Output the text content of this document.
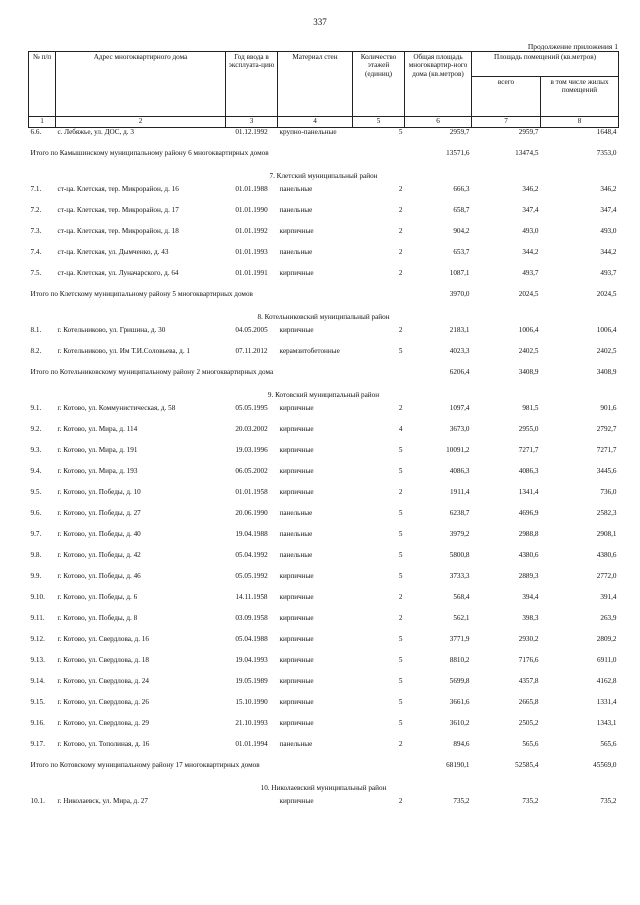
337
Продолжение приложения 1
№ п/п	Адрес многоквартирного дома	Год ввода в эксплуата-цию	Материал стен	Количество этажей (единиц)	Общая площадь многоквартир-ного дома (кв.метров)	Площадь помещений (кв.метров)	
						всего	в том числе жилых помещений
1	2	3	4	5	6	7	8
6.6.	с. Лебяжье, ул. ДОС, д. 3	01.12.1992	крупно-панельные	5	2959,7	2959,7	1648,4
Итого по Камышинскому муниципальному району 6 многоквартирных домов					13571,6	13474,5	7353,0
7. Клетский муниципальный район							
7.1.	ст-ца. Клетская, тер. Микрорайон, д. 16	01.01.1988	панельные	2	666,3	346,2	346,2
7.2.	ст-ца. Клетская, тер. Микрорайон, д. 17	01.01.1990	панельные	2	658,7	347,4	347,4
7.3.	ст-ца. Клетская, тер. Микрорайон, д. 18	01.01.1992	кирпичные	2	904,2	493,0	493,0
7.4.	ст-ца. Клетская, ул. Дымченко, д. 43	01.01.1993	панельные	2	653,7	344,2	344,2
7.5.	ст-ца. Клетская, ул. Луначарского, д. 64	01.01.1991	кирпичные	2	1087,1	493,7	493,7
Итого по Клетскому муниципальному району 5 многоквартирных домов					3970,0	2024,5	2024,5
8. Котельниковский муниципальный район							
8.1.	г. Котельниково, ул. Гришина, д. 30	04.05.2005	кирпичные	2	2183,1	1006,4	1006,4
8.2.	г. Котельниково, ул. Им Т.И.Соловьева, д. 1	07.11.2012	керамзитобетонные	5	4023,3	2402,5	2402,5
Итого по Котельниковскому муниципальному району 2 многоквартирных дома					6206,4	3408,9	3408,9
9. Котовский муниципальный район							
9.1.	г. Котово, ул. Коммунистическая, д. 58	05.05.1995	кирпичные	2	1097,4	981,5	901,6
9.2.	г. Котово, ул. Мира, д. 114	20.03.2002	кирпичные	4	3673,0	2955,0	2792,7
9.3.	г. Котово, ул. Мира, д. 191	19.03.1996	кирпичные	5	10091,2	7271,7	7271,7
9.4.	г. Котово, ул. Мира, д. 193	06.05.2002	кирпичные	5	4086,3	4086,3	3445,6
9.5.	г. Котово, ул. Победы, д. 10	01.01.1958	кирпичные	2	1911,4	1341,4	736,0
9.6.	г. Котово, ул. Победы, д. 27	20.06.1990	панельные	5	6238,7	4696,9	2582,3
9.7.	г. Котово, ул. Победы, д. 40	19.04.1988	панельные	5	3979,2	2988,8	2908,1
9.8.	г. Котово, ул. Победы, д. 42	05.04.1992	панельные	5	5800,8	4380,6	4380,6
9.9.	г. Котово, ул. Победы, д. 46	05.05.1992	кирпичные	5	3733,3	2889,3	2772,0
9.10.	г. Котово, ул. Победы, д. 6	14.11.1958	кирпичные	2	568,4	394,4	391,4
9.11.	г. Котово, ул. Победы, д. 8	03.09.1958	кирпичные	2	562,1	398,3	263,9
9.12.	г. Котово, ул. Свердлова, д. 16	05.04.1988	кирпичные	5	3771,9	2930,2	2809,2
9.13.	г. Котово, ул. Свердлова, д. 18	19.04.1993	кирпичные	5	8810,2	7176,6	6911,0
9.14.	г. Котово, ул. Свердлова, д. 24	19.05.1989	кирпичные	5	5699,8	4357,8	4162,8
9.15.	г. Котово, ул. Свердлова, д. 26	15.10.1990	кирпичные	5	3661,6	2665,8	1331,4
9.16.	г. Котово, ул. Свердлова, д. 29	21.10.1993	кирпичные	5	3610,2	2505,2	1343,1
9.17.	г. Котово, ул. Тополиная, д. 16	01.01.1994	панельные	2	894,6	565,6	565,6
Итого по Котовскому муниципальному району 17 многоквартирных домов					68190,1	52585,4	45569,0
10. Николаевский муниципальный район							
10.1.	г. Николаевск, ул. Мира, д. 27		кирпичные	2	735,2	735,2	735,2
